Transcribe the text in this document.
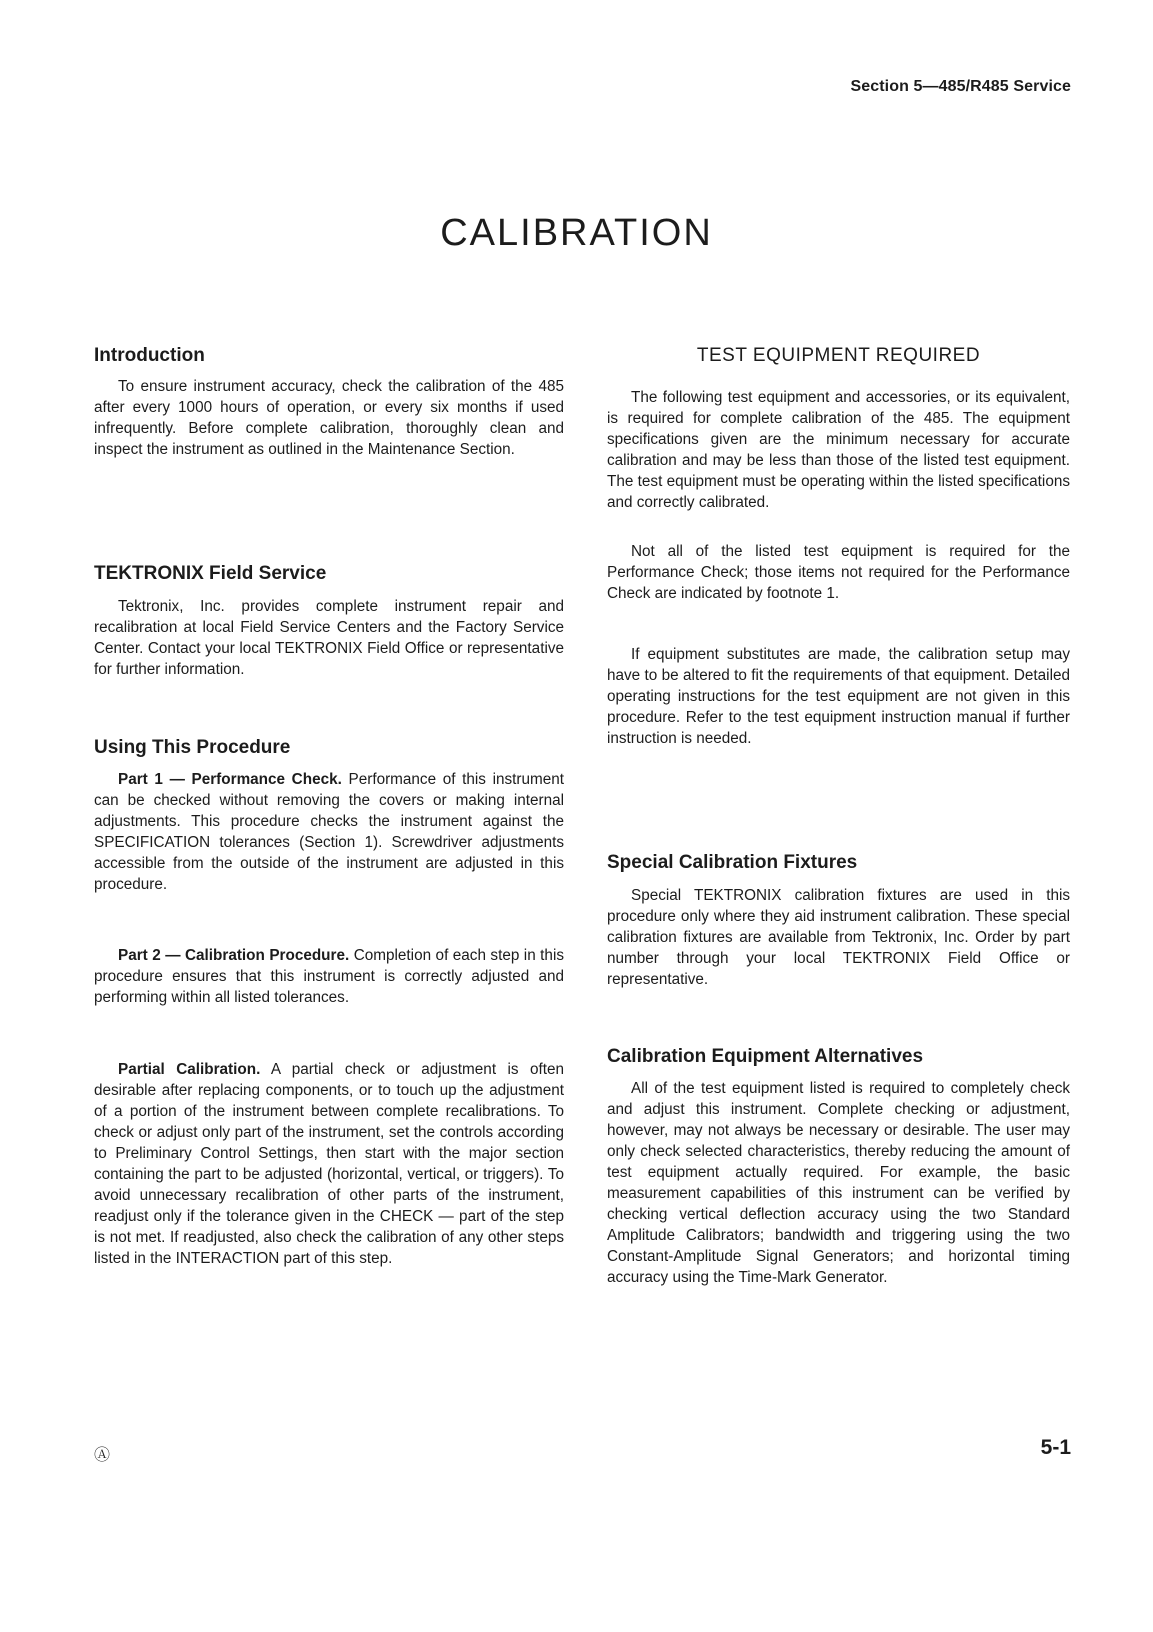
Section 5—485/R485 Service
CALIBRATION
Introduction

To ensure instrument accuracy, check the calibration of the 485 after every 1000 hours of operation, or every six months if used infrequently. Before complete calibration, thoroughly clean and inspect the instrument as outlined in the Maintenance Section.

TEKTRONIX Field Service

Tektronix, Inc. provides complete instrument repair and recalibration at local Field Service Centers and the Factory Service Center. Contact your local TEKTRONIX Field Office or representative for further information.

Using This Procedure

Part 1 — Performance Check. Performance of this instrument can be checked without removing the covers or making internal adjustments. This procedure checks the instrument against the SPECIFICATION tolerances (Section 1). Screwdriver adjustments accessible from the outside of the instrument are adjusted in this procedure.

Part 2 — Calibration Procedure. Completion of each step in this procedure ensures that this instrument is correctly adjusted and performing within all listed tolerances.

Partial Calibration. A partial check or adjustment is often desirable after replacing components, or to touch up the adjustment of a portion of the instrument between complete recalibrations. To check or adjust only part of the instrument, set the controls according to Preliminary Control Settings, then start with the major section containing the part to be adjusted (horizontal, vertical, or triggers). To avoid unnecessary recalibration of other parts of the instrument, readjust only if the tolerance given in the CHECK — part of the step is not met. If readjusted, also check the calibration of any other steps listed in the INTERACTION part of this step.

TEST EQUIPMENT REQUIRED

The following test equipment and accessories, or its equivalent, is required for complete calibration of the 485. The equipment specifications given are the minimum necessary for accurate calibration and may be less than those of the listed test equipment. The test equipment must be operating within the listed specifications and correctly calibrated.

Not all of the listed test equipment is required for the Performance Check; those items not required for the Performance Check are indicated by footnote 1.

If equipment substitutes are made, the calibration setup may have to be altered to fit the requirements of that equipment. Detailed operating instructions for the test equipment are not given in this procedure. Refer to the test equipment instruction manual if further instruction is needed.

Special Calibration Fixtures

Special TEKTRONIX calibration fixtures are used in this procedure only where they aid instrument calibration. These special calibration fixtures are available from Tektronix, Inc. Order by part number through your local TEKTRONIX Field Office or representative.

Calibration Equipment Alternatives

All of the test equipment listed is required to completely check and adjust this instrument. Complete checking or adjustment, however, may not always be necessary or desirable. The user may only check selected characteristics, thereby reducing the amount of test equipment actually required. For example, the basic measurement capabilities of this instrument can be verified by checking vertical deflection accuracy using the two Standard Amplitude Calibrators; bandwidth and triggering using the two Constant-Amplitude Signal Generators; and horizontal timing accuracy using the Time-Mark Generator.

Ⓐ	5-1
